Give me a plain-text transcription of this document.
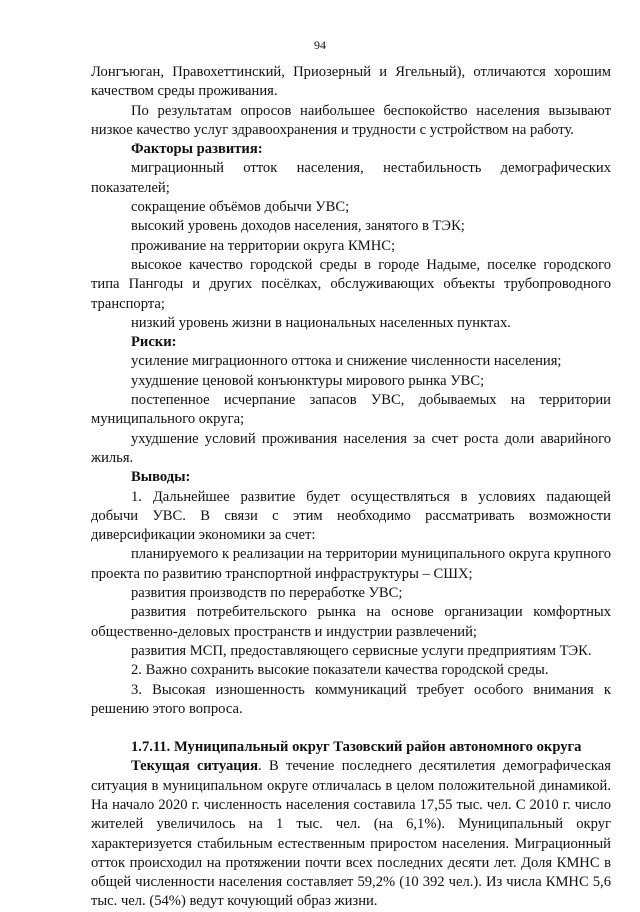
94

Лонгъюган, Правохеттинский, Приозерный и Ягельный), отличаются хорошим качеством среды проживания.

По результатам опросов наибольшее беспокойство населения вызывают низкое качество услуг здравоохранения и трудности с устройством на работу.

Факторы развития:

миграционный отток населения, нестабильность демографических показателей;

сокращение объёмов добычи УВС;

высокий уровень доходов населения, занятого в ТЭК;

проживание на территории округа КМНС;

высокое качество городской среды в городе Надыме, поселке городского типа Пангоды и других посёлках, обслуживающих объекты трубопроводного транспорта;

низкий уровень жизни в национальных населенных пунктах.

Риски:

усиление миграционного оттока и снижение численности населения;

ухудшение ценовой конъюнктуры мирового рынка УВС;

постепенное исчерпание запасов УВС, добываемых на территории муниципального округа;

ухудшение условий проживания населения за счет роста доли аварийного жилья.

Выводы:

1. Дальнейшее развитие будет осуществляться в условиях падающей добычи УВС. В связи с этим необходимо рассматривать возможности диверсификации экономики за счет:

планируемого к реализации на территории муниципального округа крупного проекта по развитию транспортной инфраструктуры – СШХ;

развития производств по переработке УВС;

развития потребительского рынка на основе организации комфортных общественно-деловых пространств и индустрии развлечений;

развития МСП, предоставляющего сервисные услуги предприятиям ТЭК.

2. Важно сохранить высокие показатели качества городской среды.

3. Высокая изношенность коммуникаций требует особого внимания к решению этого вопроса.

1.7.11. Муниципальный округ Тазовский район автономного округа

Текущая ситуация. В течение последнего десятилетия демографическая ситуация в муниципальном округе отличалась в целом положительной динамикой. На начало 2020 г. численность населения составила 17,55 тыс. чел. С 2010 г. число жителей увеличилось на 1 тыс. чел. (на 6,1%). Муниципальный округ характеризуется стабильным естественным приростом населения. Миграционный отток происходил на протяжении почти всех последних десяти лет. Доля КМНС в общей численности населения составляет 59,2% (10 392 чел.). Из числа КМНС 5,6 тыс. чел. (54%) ведут кочующий образ жизни.
